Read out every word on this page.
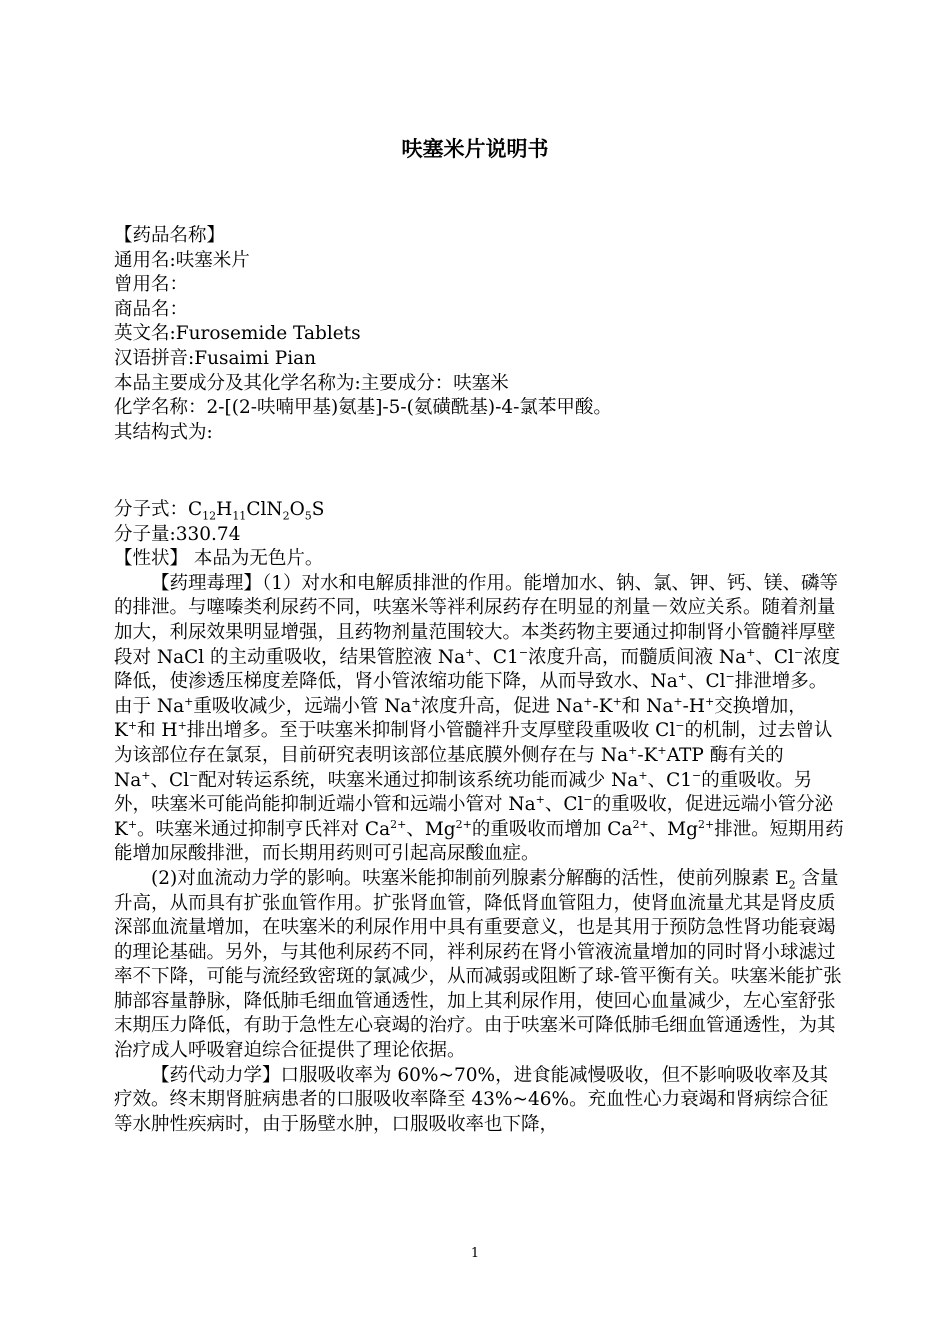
呋塞米片说明书

【药品名称】

通用名:呋塞米片

曾用名：

商品名：

英文名:Furosemide Tablets

汉语拼音:Fusaimi Pian

本品主要成分及其化学名称为:主要成分：呋塞米

化学名称：2-[(2-呋喃甲基)氨基]-5-(氨磺酰基)-4-氯苯甲酸。

其结构式为:

分子式：$C_{12}H_{11}ClN_2O_5S$

分子量:330.74

【性状】 本品为无色片。

【药理毒理】（1）对水和电解质排泄的作用。能增加水、钠、氯、钾、钙、镁、磷等的排泄。与噻嗪类利尿药不同，呋塞米等袢利尿药存在明显的剂量－效应关系。随着剂量加大，利尿效果明显增强，且药物剂量范围较大。本类药物主要通过抑制肾小管髓袢厚壁段对 NaCl 的主动重吸收，结果管腔液 Na+、C1−浓度升高，而髓质间液 Na+、Cl−浓度降低，使渗透压梯度差降低，肾小管浓缩功能下降，从而导致水、Na+、Cl−排泄增多。由于 Na+重吸收减少，远端小管 Na+浓度升高，促进 Na+-K+和 Na+-H+交换增加，K+和 H+排出增多。至于呋塞米抑制肾小管髓袢升支厚壁段重吸收 Cl−的机制，过去曾认为该部位存在氯泵，目前研究表明该部位基底膜外侧存在与 Na+-K+ATP 酶有关的 Na+、Cl−配对转运系统，呋塞米通过抑制该系统功能而减少 Na+、C1−的重吸收。另外，呋塞米可能尚能抑制近端小管和远端小管对 Na+、Cl−的重吸收，促进远端小管分泌 K+。呋塞米通过抑制亨氏袢对 $Ca^{2+}$、$Mg^{2+}$的重吸收而增加 $Ca^{2+}$、$Mg^{2+}$排泄。短期用药能增加尿酸排泄，而长期用药则可引起高尿酸血症。

(2)对血流动力学的影响。呋塞米能抑制前列腺素分解酶的活性，使前列腺素 $E_2$ 含量升高，从而具有扩张血管作用。扩张肾血管，降低肾血管阻力，使肾血流量尤其是肾皮质深部血流量增加，在呋塞米的利尿作用中具有重要意义，也是其用于预防急性肾功能衰竭的理论基础。另外，与其他利尿药不同，袢利尿药在肾小管液流量增加的同时肾小球滤过率不下降，可能与流经致密斑的氯减少，从而减弱或阻断了球-管平衡有关。呋塞米能扩张肺部容量静脉，降低肺毛细血管通透性，加上其利尿作用，使回心血量减少，左心室舒张末期压力降低，有助于急性左心衰竭的治疗。由于呋塞米可降低肺毛细血管通透性，为其治疗成人呼吸窘迫综合征提供了理论依据。

【药代动力学】口服吸收率为 60%~70%，进食能减慢吸收，但不影响吸收率及其疗效。终末期肾脏病患者的口服吸收率降至 43%~46%。充血性心力衰竭和肾病综合征等水肿性疾病时，由于肠壁水肿，口服吸收率也下降，

1
